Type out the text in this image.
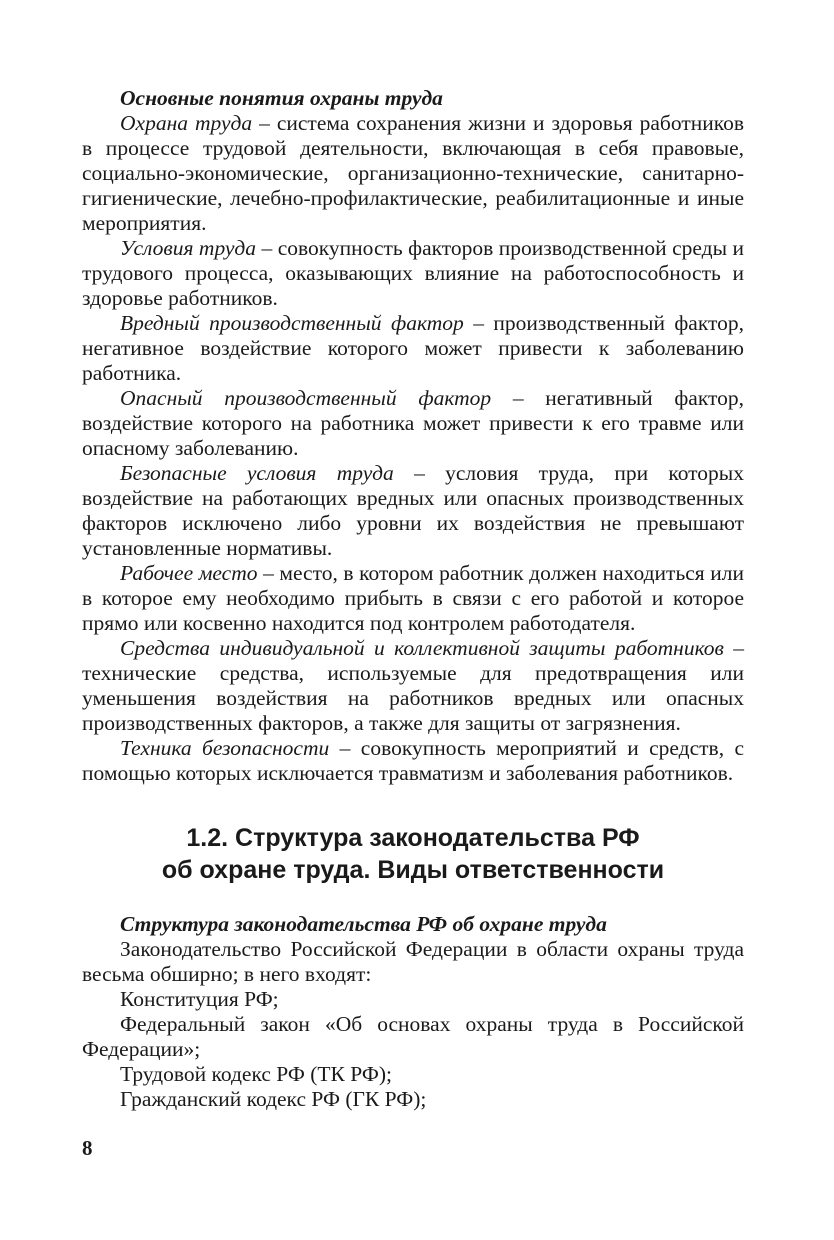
Основные понятия охраны труда

Охрана труда – система сохранения жизни и здоровья работников в процессе трудовой деятельности, включающая в себя правовые, социально-экономические, организационно-технические, санитарно-гигиенические, лечебно-профилактические, реабилитационные и иные мероприятия.

Условия труда – совокупность факторов производственной среды и трудового процесса, оказывающих влияние на работоспособность и здоровье работников.

Вредный производственный фактор – производственный фактор, негативное воздействие которого может привести к заболеванию работника.

Опасный производственный фактор – негативный фактор, воздействие которого на работника может привести к его травме или опасному заболеванию.

Безопасные условия труда – условия труда, при которых воздействие на работающих вредных или опасных производственных факторов исключено либо уровни их воздействия не превышают установленные нормативы.

Рабочее место – место, в котором работник должен находиться или в которое ему необходимо прибыть в связи с его работой и которое прямо или косвенно находится под контролем работодателя.

Средства индивидуальной и коллективной защиты работников – технические средства, используемые для предотвращения или уменьшения воздействия на работников вредных или опасных производственных факторов, а также для защиты от загрязнения.

Техника безопасности – совокупность мероприятий и средств, с помощью которых исключается травматизм и заболевания работников.

1.2. Структура законодательства РФ
об охране труда. Виды ответственности

Структура законодательства РФ об охране труда

Законодательство Российской Федерации в области охраны труда весьма обширно; в него входят:

Конституция РФ;

Федеральный закон «Об основах охраны труда в Российской Федерации»;

Трудовой кодекс РФ (ТК РФ);

Гражданский кодекс РФ (ГК РФ);

8
